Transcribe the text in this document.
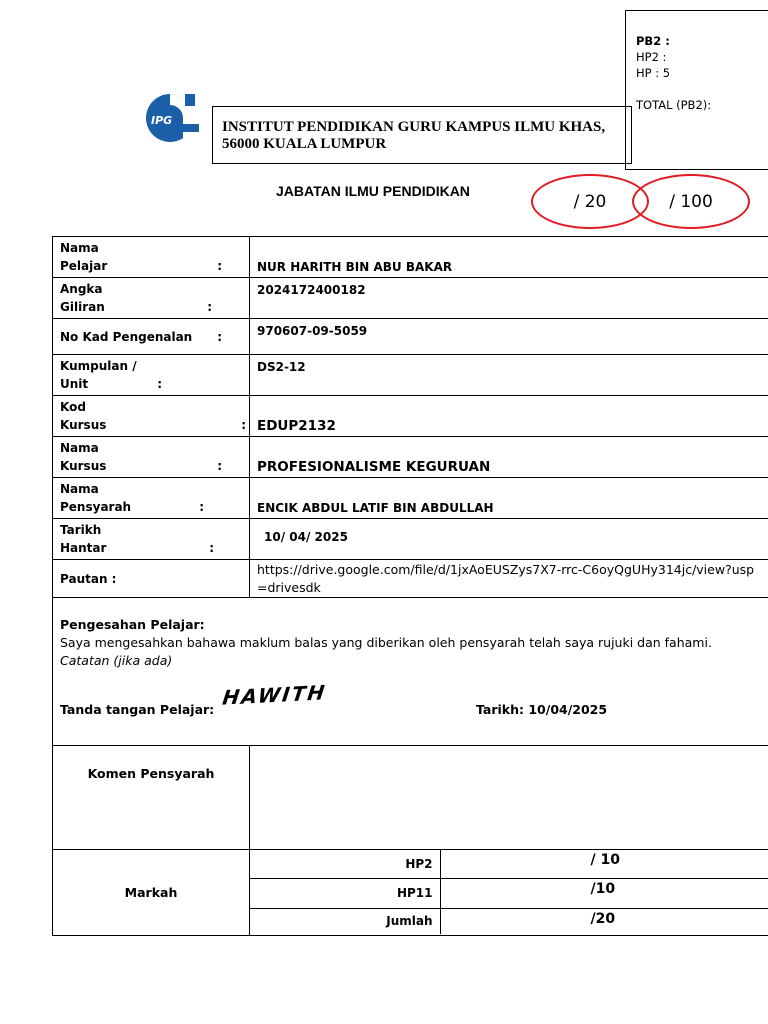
IPG	INSTITUT PENDIDIKAN GURU KAMPUS ILMU KHAS,
56000 KUALA LUMPUR
PB2 :
HP2 :
HP : 5
TOTAL (PB2):
JABATAN ILMU PENDIDIKAN
/ 20	/ 100
Nama
Pelajar	:	NUR HARITH BIN ABU BAKAR

Angka
Giliran	:
	2024172400182

No Kad Pengenalan :	970607-09-5059

Kumpulan /
Unit	:
	DS2-12

Kod
Kursus	:	EDUP2132

Nama
Kursus	:	PROFESIONALISME KEGURUAN

Nama
Pensyarah	:	ENCIK ABDUL LATIF BIN ABDULLAH

Tarikh
Hantar	:
	10/ 04/ 2025
Pautan :	https://drive.google.com/file/d/1jxAoEUSZys7X7-rrc-C6oyQgUHy314jc/view?usp=drivesdk

Pengesahan Pelajar:
Saya mengesahkan bahawa maklum balas yang diberikan oleh pensyarah telah saya rujuki dan fahami.
Catatan (jika ada)
HAWITH
Tanda tangan Pelajar:	Tarikh: 10/04/2025

Komen Pensyarah	
Markah	
HP2	/ 10
HP11	/10
Jumlah	/20
